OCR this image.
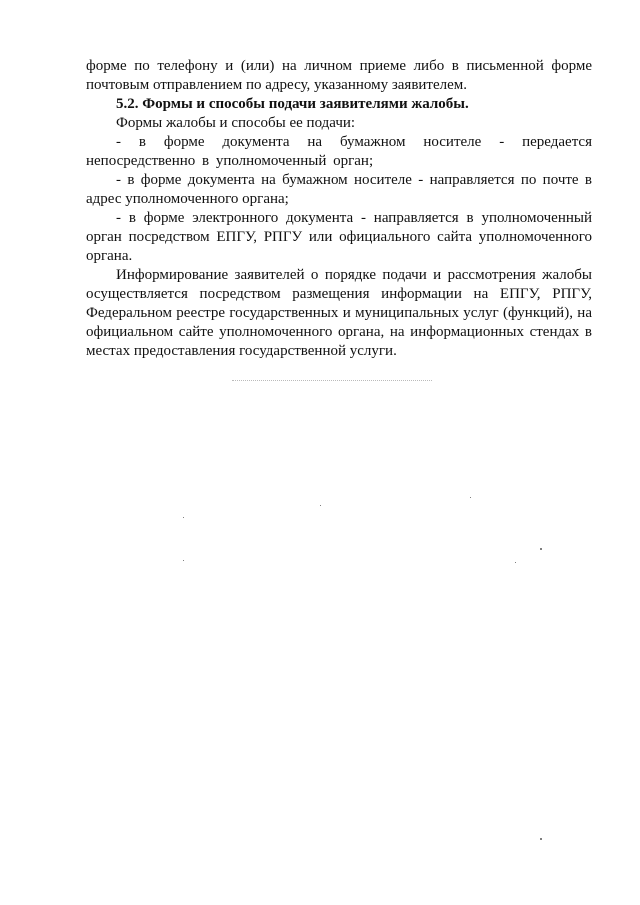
форме по телефону и (или) на личном приеме либо в письменной форме почтовым отправлением по адресу, указанному заявителем.

5.2. Формы и способы подачи заявителями жалобы.

Формы жалобы и способы ее подачи:

- в форме документа на бумажном носителе - передается непосредственно в уполномоченный орган;

- в форме документа на бумажном носителе - направляется по почте в адрес уполномоченного органа;

- в форме электронного документа - направляется в уполномоченный орган посредством ЕПГУ, РПГУ или официального сайта уполномоченного органа.

Информирование заявителей о порядке подачи и рассмотрения жалобы осуществляется посредством размещения информации на ЕПГУ, РПГУ, Федеральном реестре государственных и муниципальных услуг (функций), на официальном сайте уполномоченного органа, на информационных стендах в местах предоставления государственной услуги.
